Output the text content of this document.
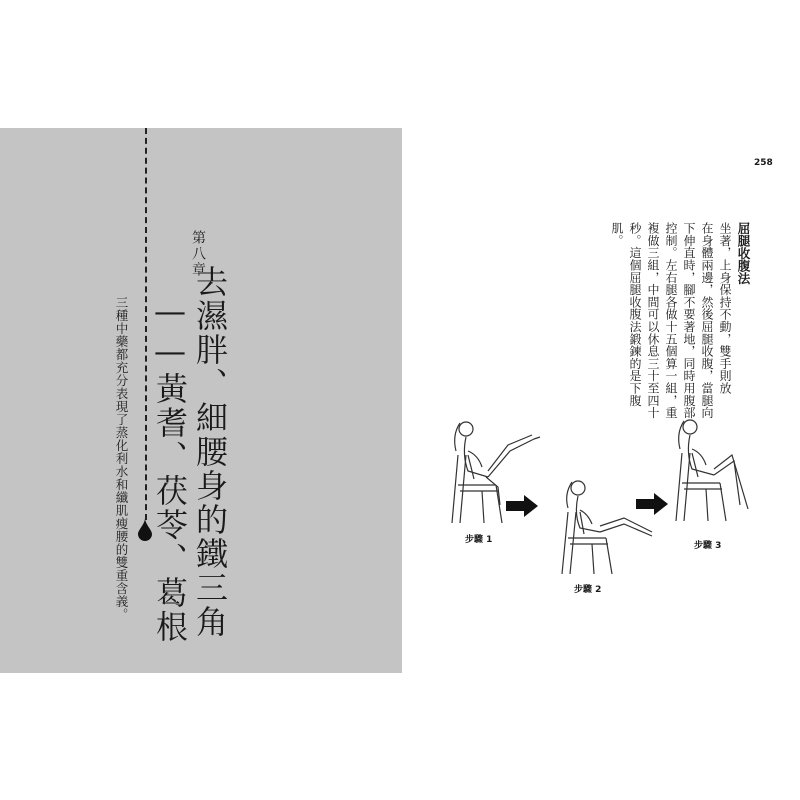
第八章
去濕胖、細腰身的鐵三角
——黃耆、茯苓、葛根
三種中藥都充分表現了蒸化利水和纖肌瘦腰的雙重含義。
258
屈腿收腹法
坐著，上身保持不動，雙手則放
在身體兩邊，然後屈腿收腹，當腿向
下伸直時，腳不要著地，同時用腹部
控制。左右腿各做十五個算一組，重
複做三組，中間可以休息三十至四十
秒。這個屈腿收腹法鍛鍊的是下腹
肌。
步驟 1
步驟 2
步驟 3
